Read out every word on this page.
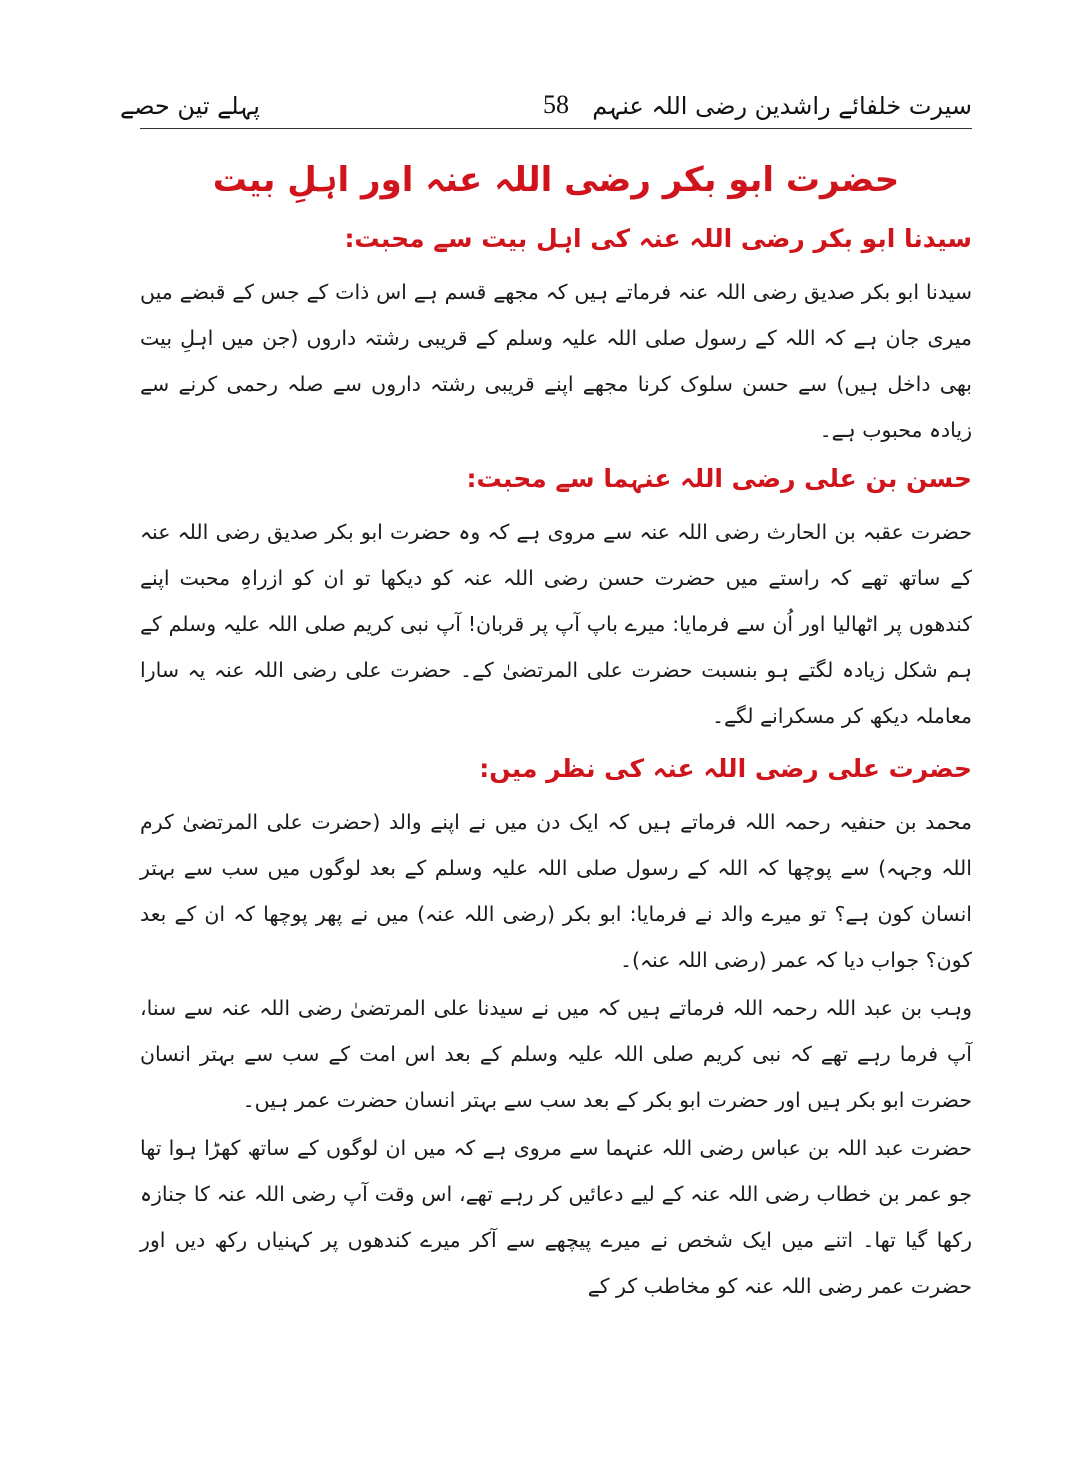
سیرت خلفائے راشدین رضی اللہ عنہم
58
پہلے تین حصے
حضرت ابو بکر رضی اللہ عنہ اور اہلِ بیت
سیدنا ابو بکر رضی اللہ عنہ کی اہل بیت سے محبت:

سیدنا ابو بکر صدیق رضی اللہ عنہ فرماتے ہیں کہ مجھے قسم ہے اس ذات کے جس کے قبضے میں میری جان ہے کہ اللہ کے رسول صلی اللہ علیہ وسلم کے قریبی رشتہ داروں (جن میں اہلِ بیت بھی داخل ہیں) سے حسن سلوک کرنا مجھے اپنے قریبی رشتہ داروں سے صلہ رحمی کرنے سے زیادہ محبوب ہے۔

حسن بن علی رضی اللہ عنہما سے محبت:

حضرت عقبہ بن الحارث رضی اللہ عنہ سے مروی ہے کہ وہ حضرت ابو بکر صدیق رضی اللہ عنہ کے ساتھ تھے کہ راستے میں حضرت حسن رضی اللہ عنہ کو دیکھا تو ان کو ازراہِ محبت اپنے کندھوں پر اٹھالیا اور اُن سے فرمایا: میرے باپ آپ پر قربان! آپ نبی کریم صلی اللہ علیہ وسلم کے ہم شکل زیادہ لگتے ہو بنسبت حضرت علی المرتضیٰ کے۔ حضرت علی رضی اللہ عنہ یہ سارا معاملہ دیکھ کر مسکرانے لگے۔

حضرت علی رضی اللہ عنہ کی نظر میں:

محمد بن حنفیہ رحمہ اللہ فرماتے ہیں کہ ایک دن میں نے اپنے والد (حضرت علی المرتضیٰ کرم اللہ وجہہ) سے پوچھا کہ اللہ کے رسول صلی اللہ علیہ وسلم کے بعد لوگوں میں سب سے بہتر انسان کون ہے؟ تو میرے والد نے فرمایا: ابو بکر (رضی اللہ عنہ) میں نے پھر پوچھا کہ ان کے بعد کون؟ جواب دیا کہ عمر (رضی اللہ عنہ)۔

وہب بن عبد اللہ رحمہ اللہ فرماتے ہیں کہ میں نے سیدنا علی المرتضیٰ رضی اللہ عنہ سے سنا، آپ فرما رہے تھے کہ نبی کریم صلی اللہ علیہ وسلم کے بعد اس امت کے سب سے بہتر انسان حضرت ابو بکر ہیں اور حضرت ابو بکر کے بعد سب سے بہتر انسان حضرت عمر ہیں۔

حضرت عبد اللہ بن عباس رضی اللہ عنہما سے مروی ہے کہ میں ان لوگوں کے ساتھ کھڑا ہوا تھا جو عمر بن خطاب رضی اللہ عنہ کے لیے دعائیں کر رہے تھے، اس وقت آپ رضی اللہ عنہ کا جنازہ رکھا گیا تھا۔ اتنے میں ایک شخص نے میرے پیچھے سے آکر میرے کندھوں پر کہنیاں رکھ دیں اور حضرت عمر رضی اللہ عنہ کو مخاطب کر کے
